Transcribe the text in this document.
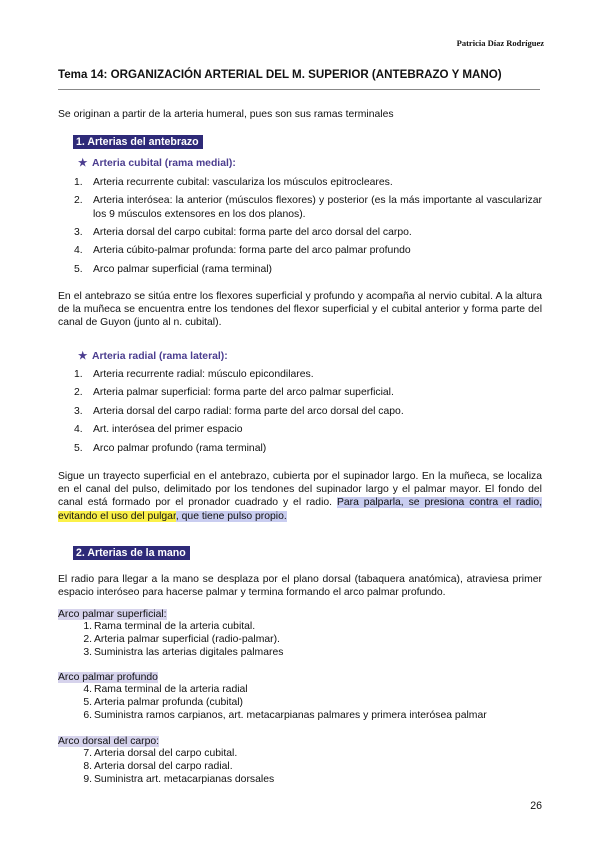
Patricia Díaz Rodríguez
Tema 14: ORGANIZACIÓN ARTERIAL DEL M. SUPERIOR (ANTEBRAZO Y MANO)
Se originan a partir de la arteria humeral, pues son sus ramas terminales
1. Arterias del antebrazo
★ Arteria cubital (rama medial):
1. Arteria recurrente cubital: vasculariza los músculos epitrocleares.
2. Arteria interósea: la anterior (músculos flexores) y posterior (es la más importante al vascularizar los 9 músculos extensores en los dos planos).
3. Arteria dorsal del carpo cubital: forma parte del arco dorsal del carpo.
4. Arteria cúbito-palmar profunda: forma parte del arco palmar profundo
5. Arco palmar superficial (rama terminal)
En el antebrazo se sitúa entre los flexores superficial y profundo y acompaña al nervio cubital. A la altura de la muñeca se encuentra entre los tendones del flexor superficial y el cubital anterior y forma parte del canal de Guyon (junto al n. cubital).
★ Arteria radial (rama lateral):
1. Arteria recurrente radial: músculo epicondilares.
2. Arteria palmar superficial: forma parte del arco palmar superficial.
3. Arteria dorsal del carpo radial: forma parte del arco dorsal del capo.
4. Art. interósea del primer espacio
5. Arco palmar profundo (rama terminal)
Sigue un trayecto superficial en el antebrazo, cubierta por el supinador largo. En la muñeca, se localiza en el canal del pulso, delimitado por los tendones del supinador largo y el palmar mayor. El fondo del canal está formado por el pronador cuadrado y el radio. Para palparla, se presiona contra el radio, evitando el uso del pulgar, que tiene pulso propio.
2. Arterias de la mano
El radio para llegar a la mano se desplaza por el plano dorsal (tabaquera anatómica), atraviesa primer espacio interóseo para hacerse palmar y termina formando el arco palmar profundo.
Arco palmar superficial:
1. Rama terminal de la arteria cubital.
2. Arteria palmar superficial (radio-palmar).
3. Suministra las arterias digitales palmares
Arco palmar profundo
4. Rama terminal de la arteria radial
5. Arteria palmar profunda (cubital)
6. Suministra ramos carpianos, art. metacarpianas palmares y primera interósea palmar
Arco dorsal del carpo:
7. Arteria dorsal del carpo cubital.
8. Arteria dorsal del carpo radial.
9. Suministra art. metacarpianas dorsales
26
